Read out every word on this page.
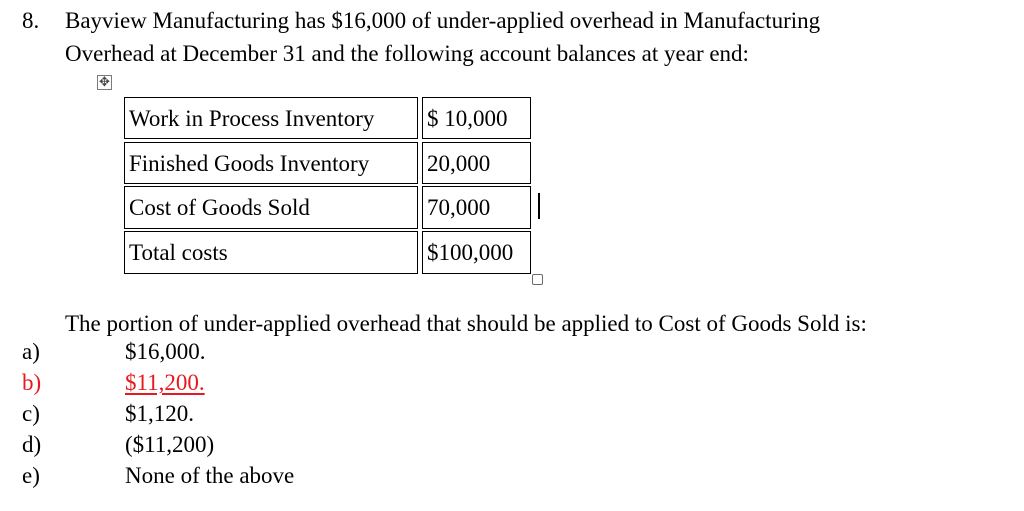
8. Bayview Manufacturing has $16,000 of under-applied overhead in Manufacturing
Overhead at December 31 and the following account balances at year end:
✥
Work in Process Inventory	$ 10,000
Finished Goods Inventory	20,000
Cost of Goods Sold	70,000
Total costs	$100,000
The portion of under-applied overhead that should be applied to Cost of Goods Sold is:
a)	$16,000.
b)	$11,200.
c)	$1,120.
d)	($11,200)
e)	None of the above
